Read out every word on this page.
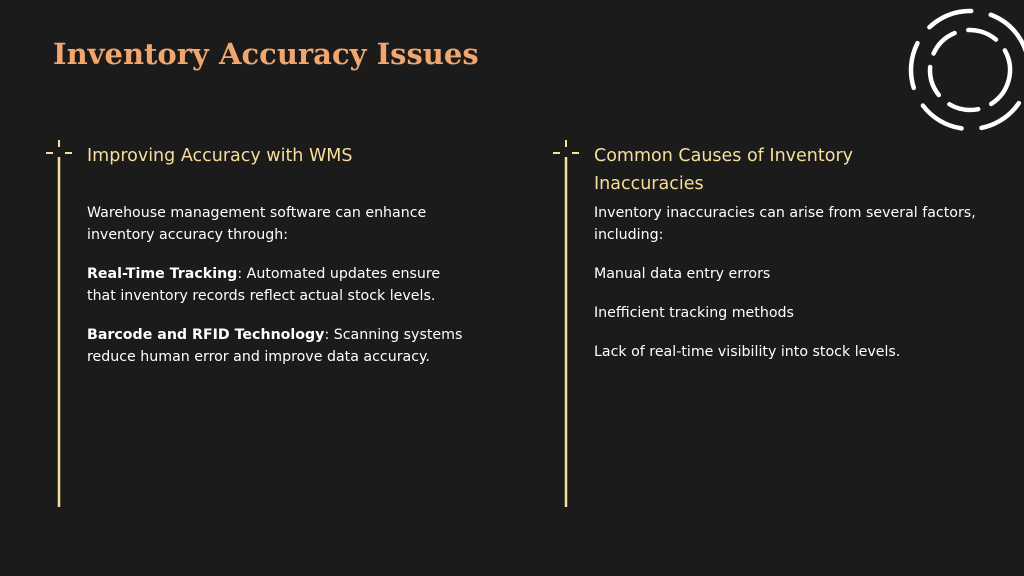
Inventory Accuracy Issues
Improving Accuracy with WMS

Warehouse management software can enhance inventory accuracy through:

Real-Time Tracking: Automated updates ensure that inventory records reflect actual stock levels.

Barcode and RFID Technology: Scanning systems reduce human error and improve data accuracy.

Common Causes of Inventory Inaccuracies

Inventory inaccuracies can arise from several factors, including:

Manual data entry errors

Inefficient tracking methods

Lack of real-time visibility into stock levels.
